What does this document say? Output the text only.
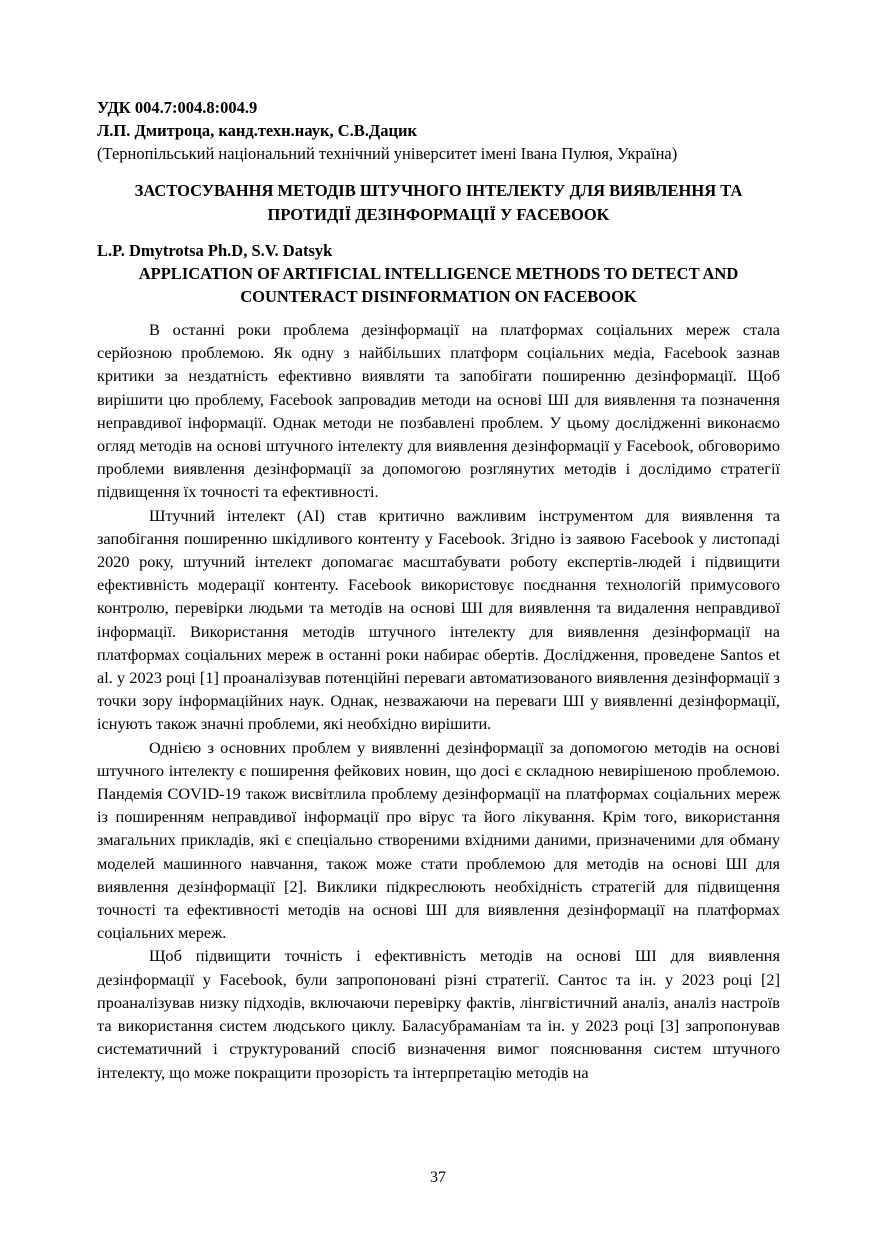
УДК 004.7:004.8:004.9
Л.П. Дмитроца, канд.техн.наук, С.В.Дацик
(Тернопільський національний технічний університет імені Івана Пулюя, Україна)
ЗАСТОСУВАННЯ МЕТОДІВ ШТУЧНОГО ІНТЕЛЕКТУ ДЛЯ ВИЯВЛЕННЯ ТА ПРОТИДІЇ ДЕЗІНФОРМАЦІЇ У FACEBOOK
L.P. Dmytrotsa Ph.D, S.V. Datsyk
APPLICATION OF ARTIFICIAL INTELLIGENCE METHODS TO DETECT AND COUNTERACT DISINFORMATION ON FACEBOOK

В останні роки проблема дезінформації на платформах соціальних мереж стала серйозною проблемою. Як одну з найбільших платформ соціальних медіа, Facebook зазнав критики за нездатність ефективно виявляти та запобігати поширенню дезінформації. Щоб вирішити цю проблему, Facebook запровадив методи на основі ШІ для виявлення та позначення неправдивої інформації. Однак методи не позбавлені проблем. У цьому дослідженні виконаємо огляд методів на основі штучного інтелекту для виявлення дезінформації у Facebook, обговоримо проблеми виявлення дезінформації за допомогою розглянутих методів і дослідимо стратегії підвищення їх точності та ефективності.

Штучний інтелект (AI) став критично важливим інструментом для виявлення та запобігання поширенню шкідливого контенту у Facebook. Згідно із заявою Facebook у листопаді 2020 року, штучний інтелект допомагає масштабувати роботу експертів-людей і підвищити ефективність модерації контенту. Facebook використовує поєднання технологій примусового контролю, перевірки людьми та методів на основі ШІ для виявлення та видалення неправдивої інформації. Використання методів штучного інтелекту для виявлення дезінформації на платформах соціальних мереж в останні роки набирає обертів. Дослідження, проведене Santos et al. у 2023 році [1] проаналізував потенційні переваги автоматизованого виявлення дезінформації з точки зору інформаційних наук. Однак, незважаючи на переваги ШІ у виявленні дезінформації, існують також значні проблеми, які необхідно вирішити.

Однією з основних проблем у виявленні дезінформації за допомогою методів на основі штучного інтелекту є поширення фейкових новин, що досі є складною невирішеною проблемою. Пандемія COVID-19 також висвітлила проблему дезінформації на платформах соціальних мереж із поширенням неправдивої інформації про вірус та його лікування. Крім того, використання змагальних прикладів, які є спеціально створеними вхідними даними, призначеними для обману моделей машинного навчання, також може стати проблемою для методів на основі ШІ для виявлення дезінформації [2]. Виклики підкреслюють необхідність стратегій для підвищення точності та ефективності методів на основі ШІ для виявлення дезінформації на платформах соціальних мереж.

Щоб підвищити точність і ефективність методів на основі ШІ для виявлення дезінформації у Facebook, були запропоновані різні стратегії. Сантос та ін. у 2023 році [2] проаналізував низку підходів, включаючи перевірку фактів, лінгвістичний аналіз, аналіз настроїв та використання систем людського циклу. Баласубраманіам та ін. у 2023 році [3] запропонував систематичний і структурований спосіб визначення вимог пояснювання систем штучного інтелекту, що може покращити прозорість та інтерпретацію методів на

37
